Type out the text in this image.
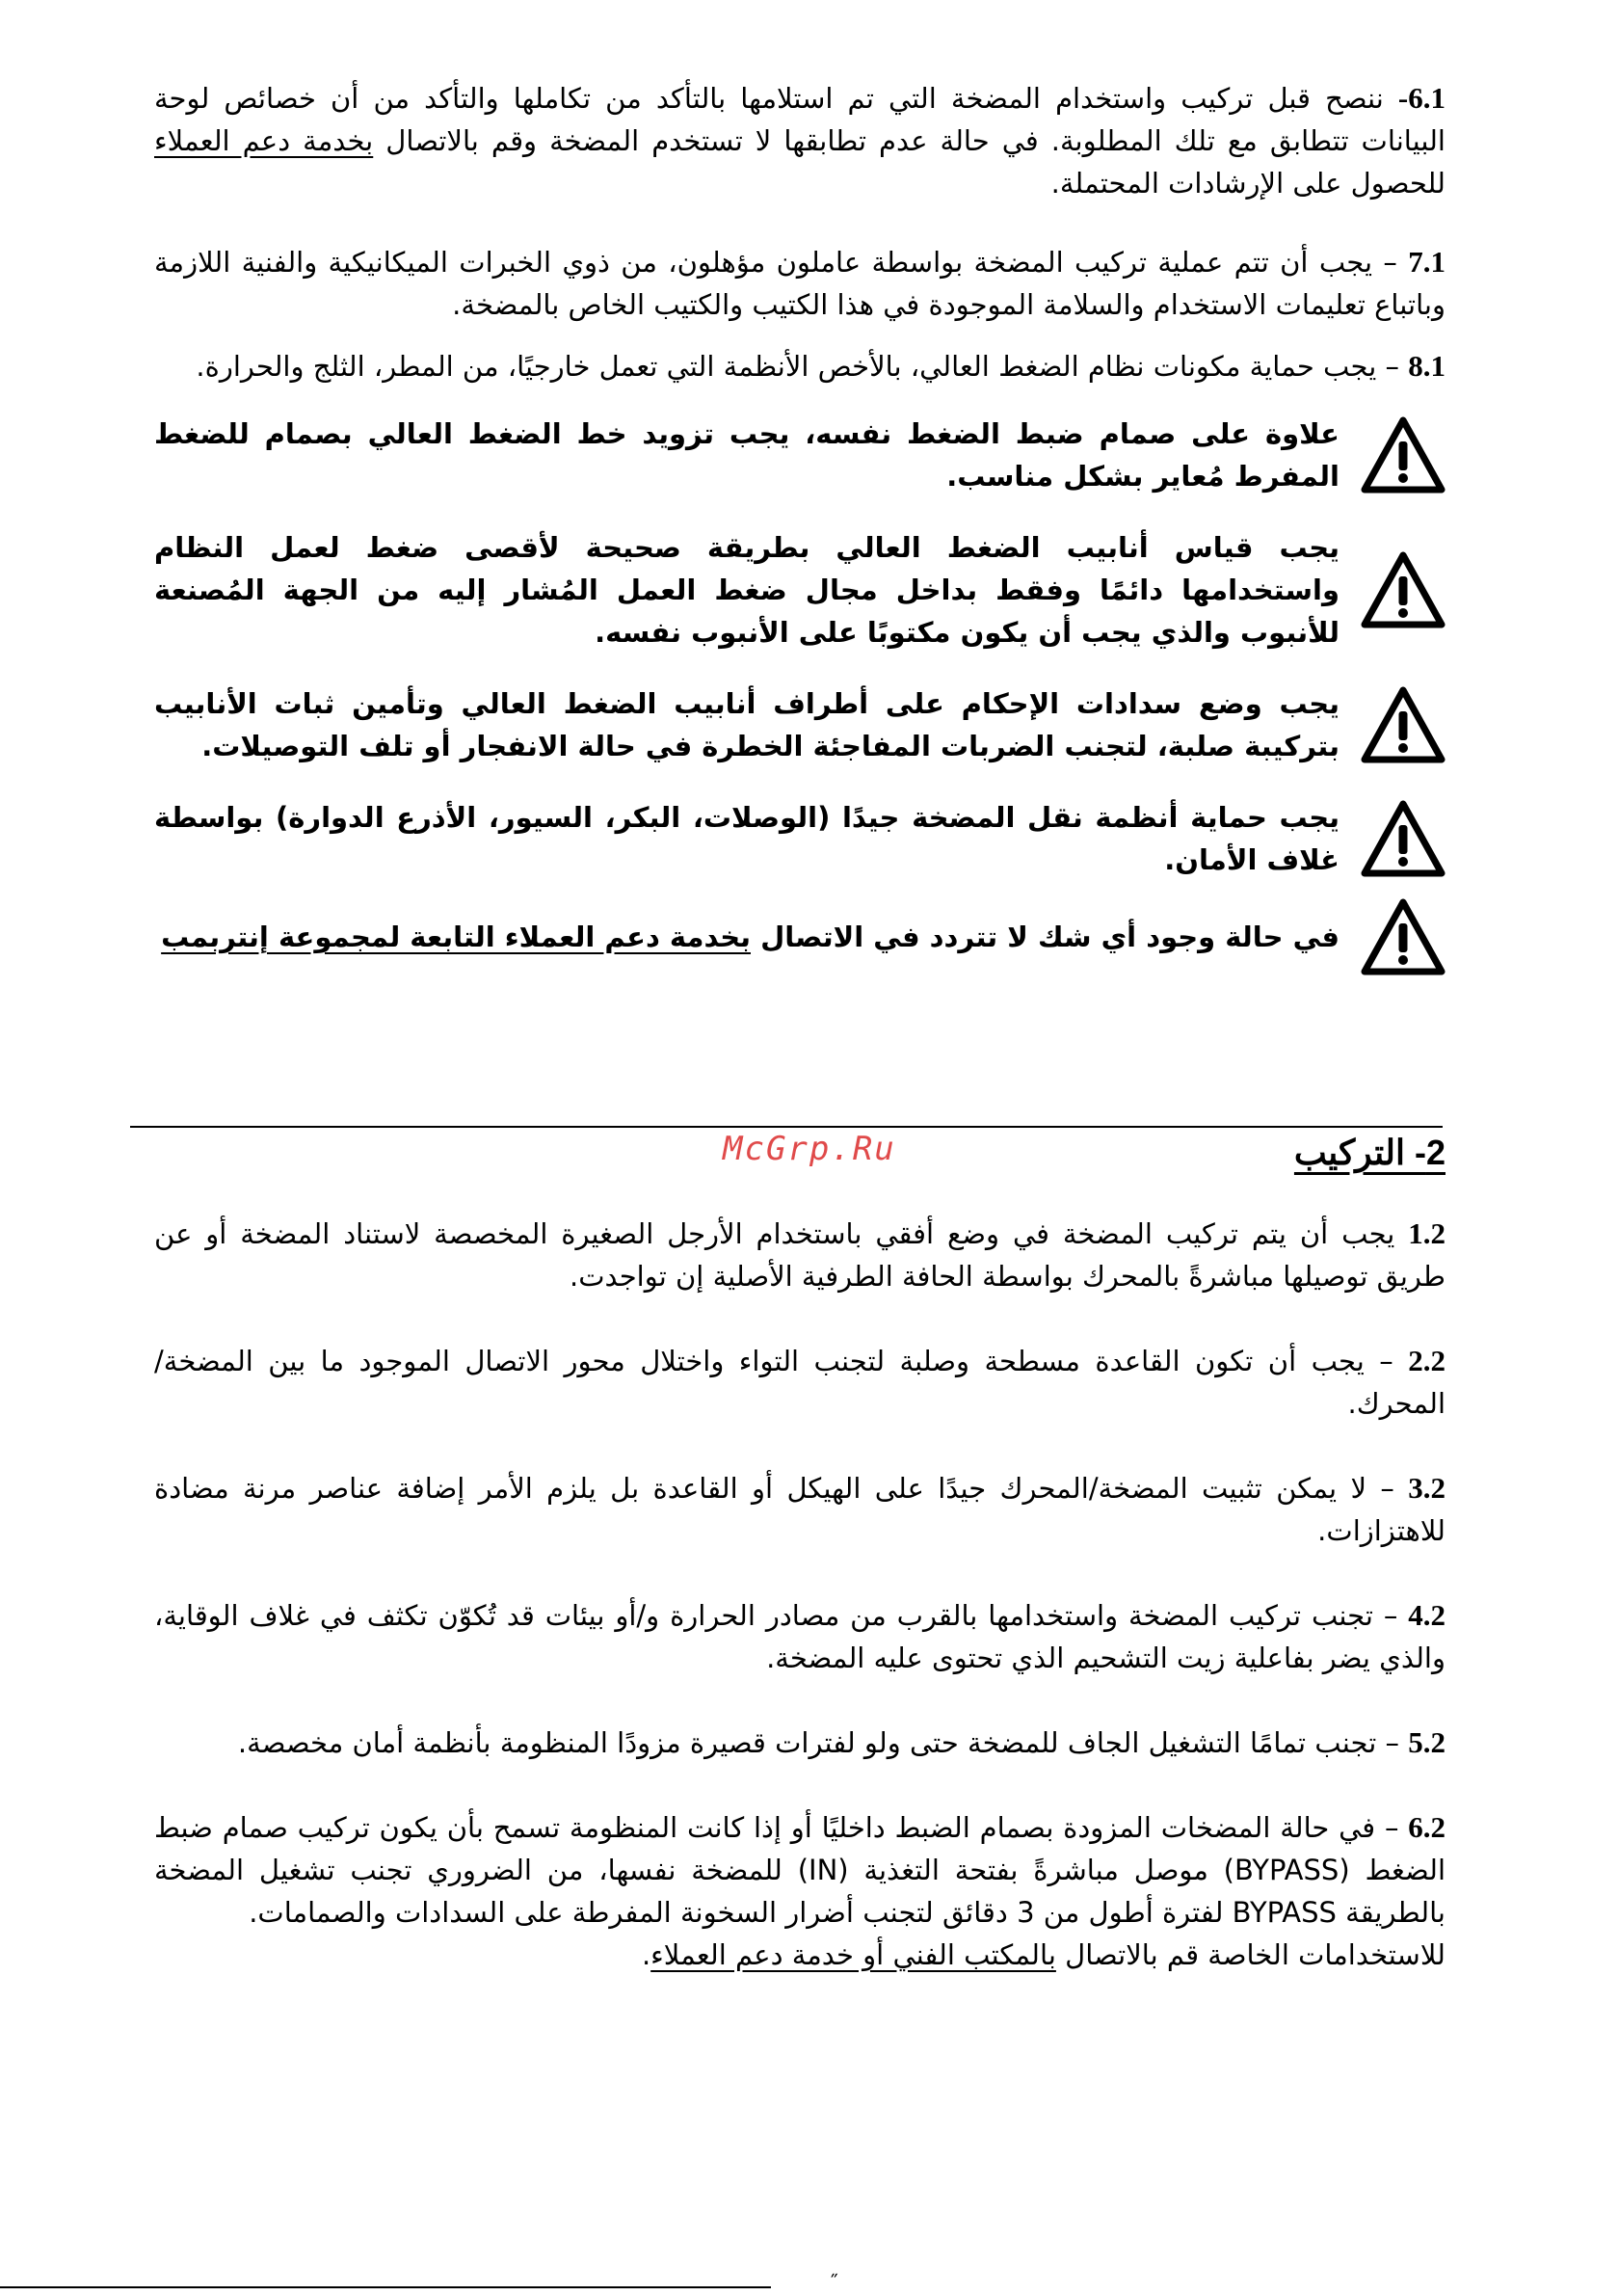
6.1- ننصح قبل تركيب واستخدام المضخة التي تم استلامها بالتأكد من تكاملها والتأكد من أن خصائص لوحة البيانات تتطابق مع تلك المطلوبة. في حالة عدم تطابقها لا تستخدم المضخة وقم بالاتصال بخدمة دعم العملاء للحصول على الإرشادات المحتملة.

7.1 – يجب أن تتم عملية تركيب المضخة بواسطة عاملون مؤهلون، من ذوي الخبرات الميكانيكية والفنية اللازمة وباتباع تعليمات الاستخدام والسلامة الموجودة في هذا الكتيب والكتيب الخاص بالمضخة.

8.1 – يجب حماية مكونات نظام الضغط العالي، بالأخص الأنظمة التي تعمل خارجيًا، من المطر، الثلج والحرارة.

علاوة على صمام ضبط الضغط نفسه، يجب تزويد خط الضغط العالي بصمام للضغط المفرط مُعاير بشكل مناسب.

يجب قياس أنابيب الضغط العالي بطريقة صحيحة لأقصى ضغط لعمل النظام واستخدامها دائمًا وفقط بداخل مجال ضغط العمل المُشار إليه من الجهة المُصنعة للأنبوب والذي يجب أن يكون مكتوبًا على الأنبوب نفسه.

يجب وضع سدادات الإحكام على أطراف أنابيب الضغط العالي وتأمين ثبات الأنابيب بتركيبة صلبة، لتجنب الضربات المفاجئة الخطرة في حالة الانفجار أو تلف التوصيلات.

يجب حماية أنظمة نقل المضخة جيدًا (الوصلات، البكر، السيور، الأذرع الدوارة) بواسطة غلاف الأمان.

في حالة وجود أي شك لا تتردد في الاتصال بخدمة دعم العملاء التابعة لمجموعة إنتربمب

2- التركيب
McGrp.Ru

1.2 يجب أن يتم تركيب المضخة في وضع أفقي باستخدام الأرجل الصغيرة المخصصة لاستناد المضخة أو عن طريق توصيلها مباشرةً بالمحرك بواسطة الحافة الطرفية الأصلية إن تواجدت.

2.2 – يجب أن تكون القاعدة مسطحة وصلبة لتجنب التواء واختلال محور الاتصال الموجود ما بين المضخة/المحرك.

3.2 – لا يمكن تثبيت المضخة/المحرك جيدًا على الهيكل أو القاعدة بل يلزم الأمر إضافة عناصر مرنة مضادة للاهتزازات.

4.2 – تجنب تركيب المضخة واستخدامها بالقرب من مصادر الحرارة و/أو بيئات قد تُكوّن تكثف في غلاف الوقاية، والذي يضر بفاعلية زيت التشحيم الذي تحتوى عليه المضخة.

5.2 – تجنب تمامًا التشغيل الجاف للمضخة حتى ولو لفترات قصيرة مزودًا المنظومة بأنظمة أمان مخصصة.

6.2 – في حالة المضخات المزودة بصمام الضبط داخليًا أو إذا كانت المنظومة تسمح بأن يكون تركيب صمام ضبط الضغط (BYPASS) موصل مباشرةً بفتحة التغذية (IN) للمضخة نفسها، من الضروري تجنب تشغيل المضخة بالطريقة BYPASS لفترة أطول من 3 دقائق لتجنب أضرار السخونة المفرطة على السدادات والصمامات.

للاستخدامات الخاصة قم بالاتصال بالمكتب الفني أو خدمة دعم العملاء.

˝
